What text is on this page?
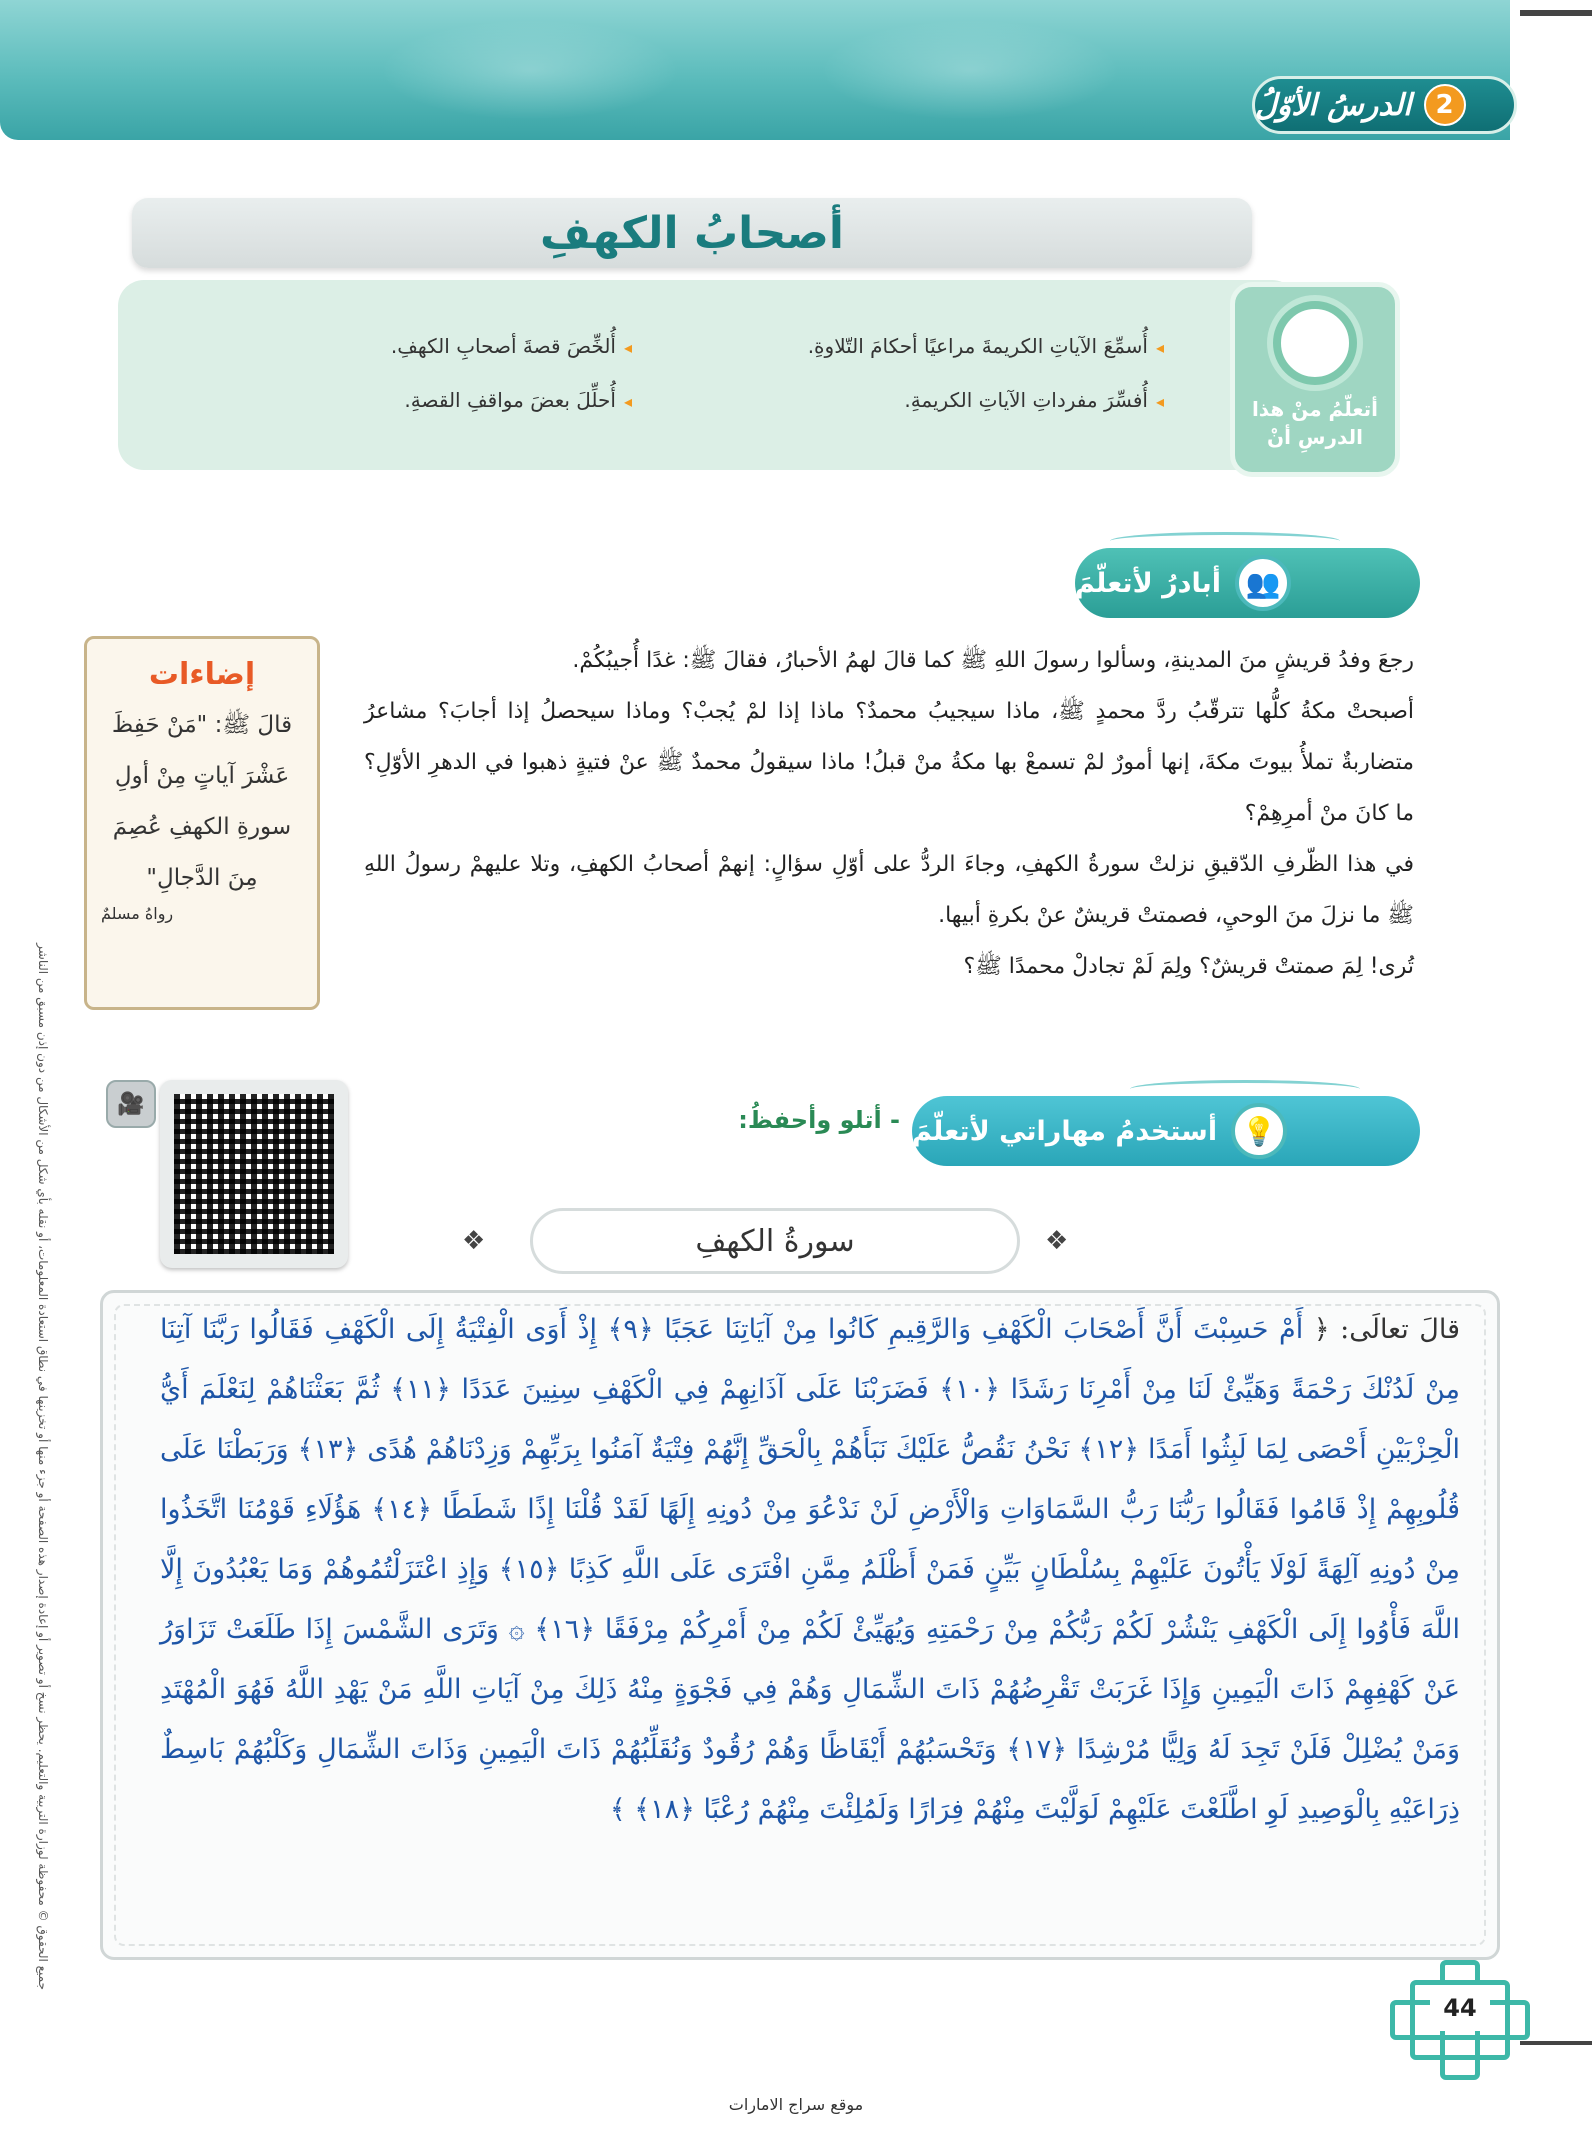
2
الدرسُ الأوّلُ
أصحابُ الكهفِ
أتعلّمُ منْ هذا الدرسِ أنْ
◂أُسمِّعَ الآياتِ الكريمةَ مراعيًا أحكامَ التّلاوةِ.
◂أُفسِّرَ مفرداتِ الآياتِ الكريمةِ.
◂أُلخِّصَ قصةَ أصحابِ الكهفِ.
◂أُحلِّلَ بعضَ مواقفِ القصةِ.
👥
أبادرُ لأتعلّمَ

رجعَ وفدُ قريشٍ منَ المدينةِ، وسألوا رسولَ اللهِ ﷺ كما قالَ لهمُ الأحبارُ، فقالَ ﷺ: غدًا أُجيبُكُمْ.

أصبحتْ مكةُ كلُّها تترقّبُ ردَّ محمدٍ ﷺ، ماذا سيجيبُ محمدٌ؟ ماذا إذا لمْ يُجبْ؟ وماذا سيحصلُ إذا أجابَ؟ مشاعرُ متضاربةٌ تملأُ بيوتَ مكةَ، إنها أمورٌ لمْ تسمعْ بها مكةُ منْ قبلُ! ماذا سيقولُ محمدٌ ﷺ عنْ فتيةٍ ذهبوا في الدهرِ الأوّلِ؟ ما كانَ منْ أمرِهِمْ؟

في هذا الظّرفِ الدّقيقِ نزلتْ سورةُ الكهفِ، وجاءَ الردُّ على أوّلِ سؤالٍ: إنهمْ أصحابُ الكهفِ، وتلا عليهمْ رسولُ اللهِ ﷺ ما نزلَ منَ الوحيِ، فصمتتْ قريشٌ عنْ بكرةِ أبيها.

تُرى! لِمَ صمتتْ قريشٌ؟ ولِمَ لَمْ تجادلْ محمدًا ﷺ؟

إضاءات
قالَ ﷺ: "مَنْ حَفِظَ عَشْرَ آياتٍ مِنْ أولِ سورةِ الكهفِ عُصِمَ مِنَ الدَّجالِ"
رواهُ مسلمٌ
جميع الحقوق © محفوظة لوزارة التربية والتعليم. يحظر نسخ أو تصوير أو إعادة إصدار هذه الصفحة أو جزء منها أو تخزينها في نطاق استعادة المعلومات، أو نقله بأي شكل من الأشكال من دون إذن مسبق من الناشر	🎥
💡
أستخدمُ مهاراتي لأتعلّمَ
- أتلو وأحفظُ:
❖	❖
سورةُ الكهفِ
قالَ تعالَى: ﴿ أَمْ حَسِبْتَ أَنَّ أَصْحَابَ الْكَهْفِ وَالرَّقِيمِ كَانُوا مِنْ آيَاتِنَا عَجَبًا ﴿٩﴾ إِذْ أَوَى الْفِتْيَةُ إِلَى الْكَهْفِ فَقَالُوا رَبَّنَا آتِنَا مِنْ لَدُنْكَ رَحْمَةً وَهَيِّئْ لَنَا مِنْ أَمْرِنَا رَشَدًا ﴿١٠﴾ فَضَرَبْنَا عَلَى آذَانِهِمْ فِي الْكَهْفِ سِنِينَ عَدَدًا ﴿١١﴾ ثُمَّ بَعَثْنَاهُمْ لِنَعْلَمَ أَيُّ الْحِزْبَيْنِ أَحْصَى لِمَا لَبِثُوا أَمَدًا ﴿١٢﴾ نَحْنُ نَقُصُّ عَلَيْكَ نَبَأَهُمْ بِالْحَقِّ إِنَّهُمْ فِتْيَةٌ آمَنُوا بِرَبِّهِمْ وَزِدْنَاهُمْ هُدًى ﴿١٣﴾ وَرَبَطْنَا عَلَى قُلُوبِهِمْ إِذْ قَامُوا فَقَالُوا رَبُّنَا رَبُّ السَّمَاوَاتِ وَالْأَرْضِ لَنْ نَدْعُوَ مِنْ دُونِهِ إِلَهًا لَقَدْ قُلْنَا إِذًا شَطَطًا ﴿١٤﴾ هَؤُلَاءِ قَوْمُنَا اتَّخَذُوا مِنْ دُونِهِ آلِهَةً لَوْلَا يَأْتُونَ عَلَيْهِمْ بِسُلْطَانٍ بَيِّنٍ فَمَنْ أَظْلَمُ مِمَّنِ افْتَرَى عَلَى اللَّهِ كَذِبًا ﴿١٥﴾ وَإِذِ اعْتَزَلْتُمُوهُمْ وَمَا يَعْبُدُونَ إِلَّا اللَّهَ فَأْوُوا إِلَى الْكَهْفِ يَنْشُرْ لَكُمْ رَبُّكُمْ مِنْ رَحْمَتِهِ وَيُهَيِّئْ لَكُمْ مِنْ أَمْرِكُمْ مِرْفَقًا ﴿١٦﴾ ۞ وَتَرَى الشَّمْسَ إِذَا طَلَعَتْ تَزَاوَرُ عَنْ كَهْفِهِمْ ذَاتَ الْيَمِينِ وَإِذَا غَرَبَتْ تَقْرِضُهُمْ ذَاتَ الشِّمَالِ وَهُمْ فِي فَجْوَةٍ مِنْهُ ذَلِكَ مِنْ آيَاتِ اللَّهِ مَنْ يَهْدِ اللَّهُ فَهُوَ الْمُهْتَدِ وَمَنْ يُضْلِلْ فَلَنْ تَجِدَ لَهُ وَلِيًّا مُرْشِدًا ﴿١٧﴾ وَتَحْسَبُهُمْ أَيْقَاظًا وَهُمْ رُقُودٌ وَنُقَلِّبُهُمْ ذَاتَ الْيَمِينِ وَذَاتَ الشِّمَالِ وَكَلْبُهُمْ بَاسِطٌ ذِرَاعَيْهِ بِالْوَصِيدِ لَوِ اطَّلَعْتَ عَلَيْهِمْ لَوَلَّيْتَ مِنْهُمْ فِرَارًا وَلَمُلِئْتَ مِنْهُمْ رُعْبًا ﴿١٨﴾ ﴾
44
موقع سراج الامارات
